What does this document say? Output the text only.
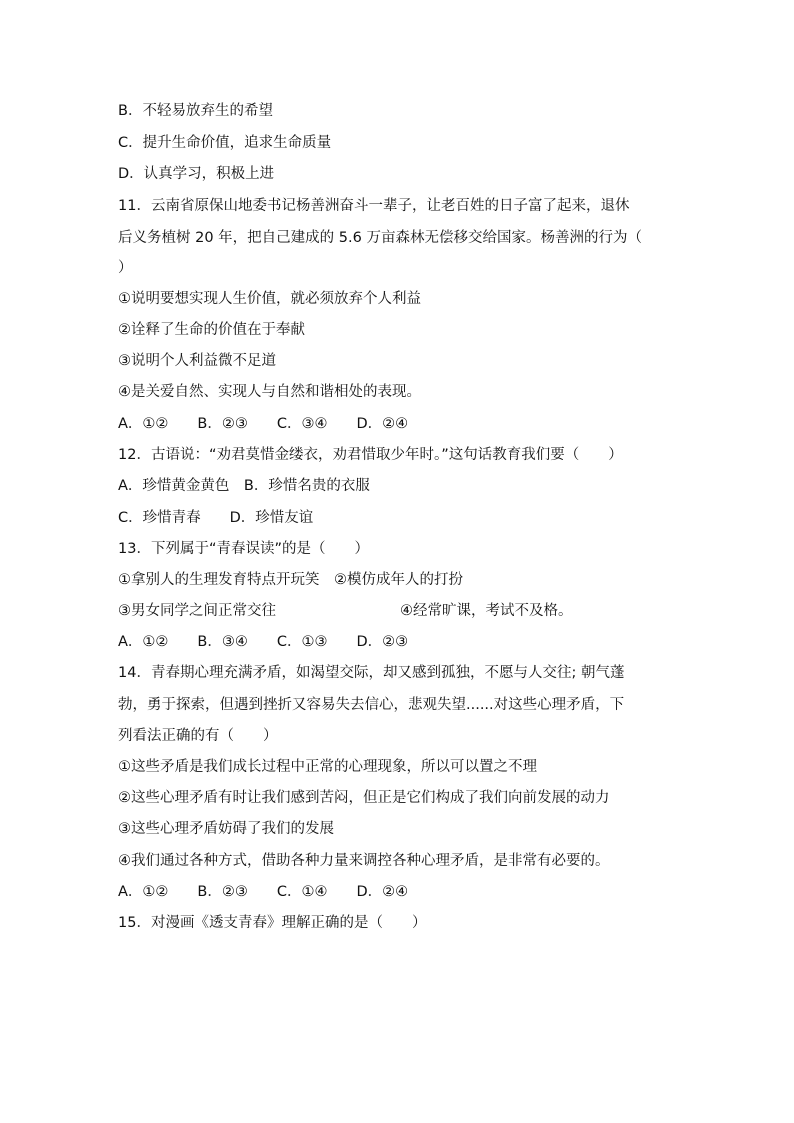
B．不轻易放弃生的希望
C．提升生命价值，追求生命质量
D．认真学习，积极上进
11．云南省原保山地委书记杨善洲奋斗一辈子，让老百姓的日子富了起来，退休
后义务植树 20 年，把自己建成的 5.6 万亩森林无偿移交给国家。杨善洲的行为（
）
①说明要想实现人生价值，就必须放弃个人利益
②诠释了生命的价值在于奉献
③说明个人利益微不足道
④是关爱自然、实现人与自然和谐相处的表现。
A．①②　　B．②③　　C．③④　　D．②④
12．古语说：“劝君莫惜金缕衣，劝君惜取少年时。”这句话教育我们要（　　）
A．珍惜黄金黄色　B．珍惜名贵的衣服
C．珍惜青春　　D．珍惜友谊
13．下列属于“青春误读”的是（　　）
①拿别人的生理发育特点开玩笑　②模仿成年人的打扮
③男女同学之间正常交往	④经常旷课，考试不及格。
A．①②　　B．③④　　C．①③　　D．②③
14．青春期心理充满矛盾，如渴望交际，却又感到孤独，不愿与人交往; 朝气蓬
勃，勇于探索，但遇到挫折又容易失去信心，悲观失望......对这些心理矛盾，下
列看法正确的有（　　）
①这些矛盾是我们成长过程中正常的心理现象，所以可以置之不理
②这些心理矛盾有时让我们感到苦闷，但正是它们构成了我们向前发展的动力
③这些心理矛盾妨碍了我们的发展
④我们通过各种方式，借助各种力量来调控各种心理矛盾，是非常有必要的。
A．①②　　B．②③　　C．①④　　D．②④
15．对漫画《透支青春》理解正确的是（　　）
